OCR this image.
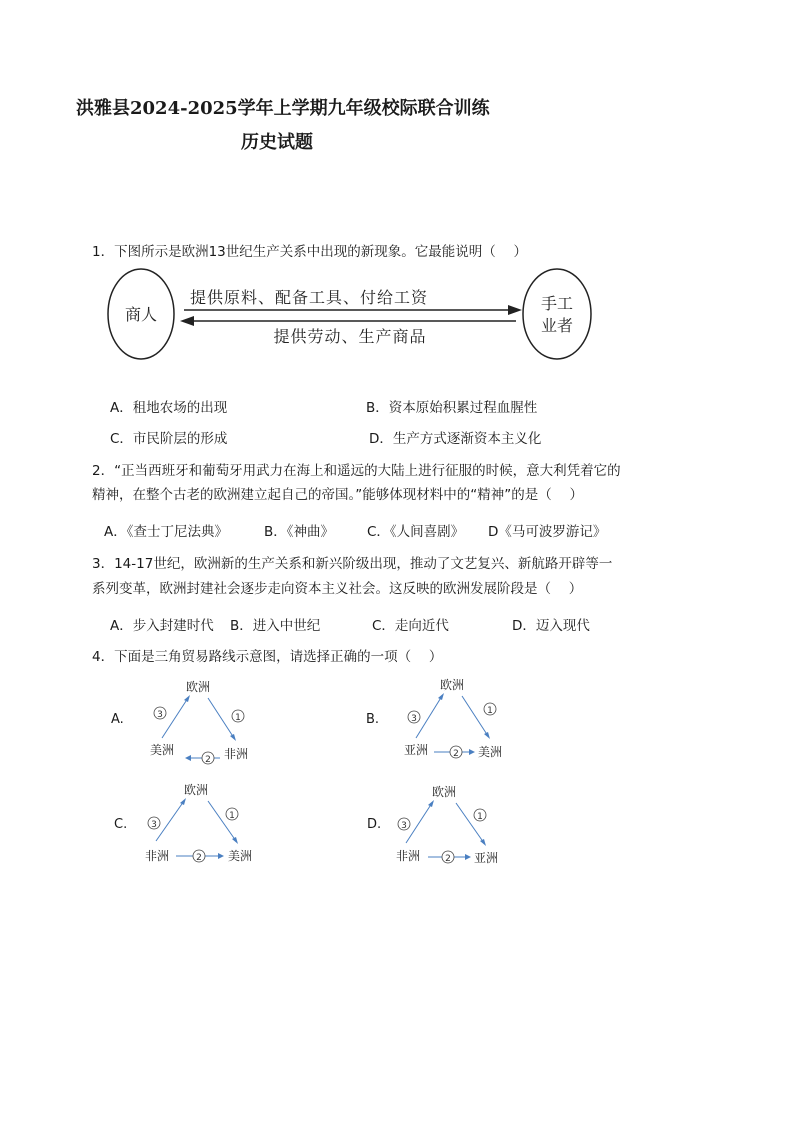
洪雅县2024-2025学年上学期九年级校际联合训练
历史试题
1．下图所示是欧洲13世纪生产关系中出现的新现象。它最能说明（　 ）
商人
手工
业者
提供原料、配备工具、付给工资
提供劳动、生产商品
A．租地农场的出现	B．资本原始积累过程血腥性
C．市民阶层的形成	D．生产方式逐渐资本主义化
2．“正当西班牙和葡萄牙用武力在海上和遥远的大陆上进行征服的时候，意大利凭着它的
精神，在整个古老的欧洲建立起自己的帝国。”能够体现材料中的“精神”的是（　 ）
A．《查士丁尼法典》	B．《神曲》 C．《人间喜剧》 D《马可波罗游记》
3．14-17世纪，欧洲新的生产关系和新兴阶级出现，推动了文艺复兴、新航路开辟等一
系列变革，欧洲封建社会逐步走向资本主义社会。这反映的欧洲发展阶段是（　 ）
A．步入封建时代 B．进入中世纪	C．走向近代	D．迈入现代
4．下面是三角贸易路线示意图，请选择正确的一项（　 ）
A.
欧洲
美洲	非洲
3	1
2
B.
欧洲
亚洲	美洲
3
1
2
C.
欧洲
非洲	美洲
3
1
2
D.
欧洲
非洲	亚洲
3
1
2
